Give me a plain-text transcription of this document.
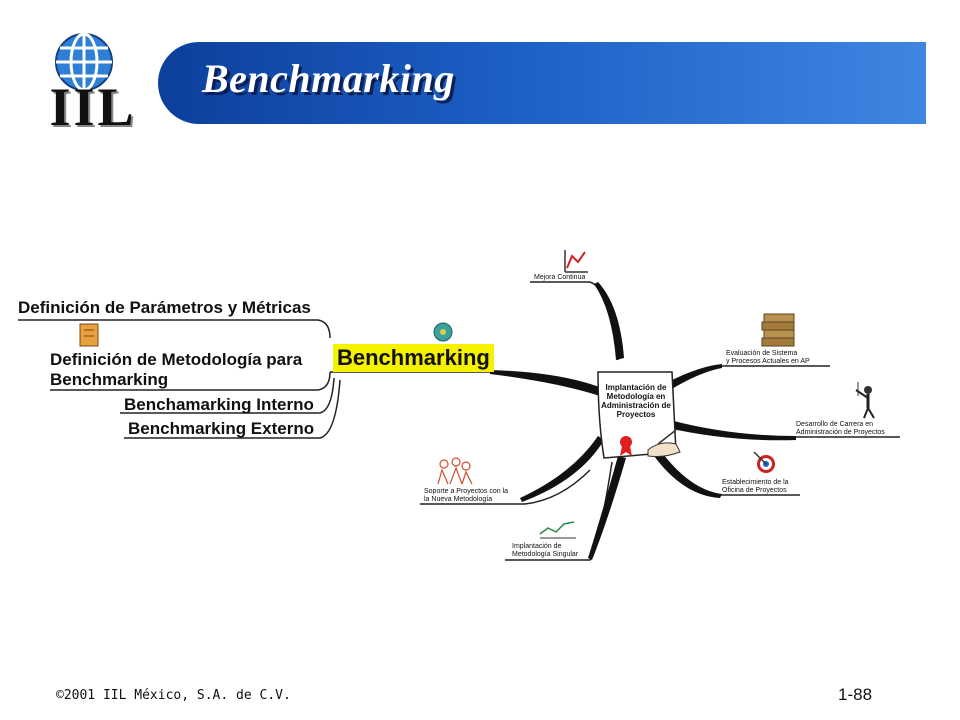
Benchmarking
IIL
Definición de Parámetros y Métricas
Definición de Metodología para
Benchmarking
Benchamarking Interno
Benchmarking Externo
Benchmarking
Implantación de Metodología en Administración de Proyectos
Mejora Continua
Evaluación de Sistema
y Procesos Actuales en AP
Desarrollo de Carrera en
Administración de Proyectos
Establecimiento de la
Oficina de Proyectos
Soporte a Proyectos con la
la Nueva Metodología
Implantación de
Metodología Singular
©2001 IIL México, S.A. de C.V.	1-88
